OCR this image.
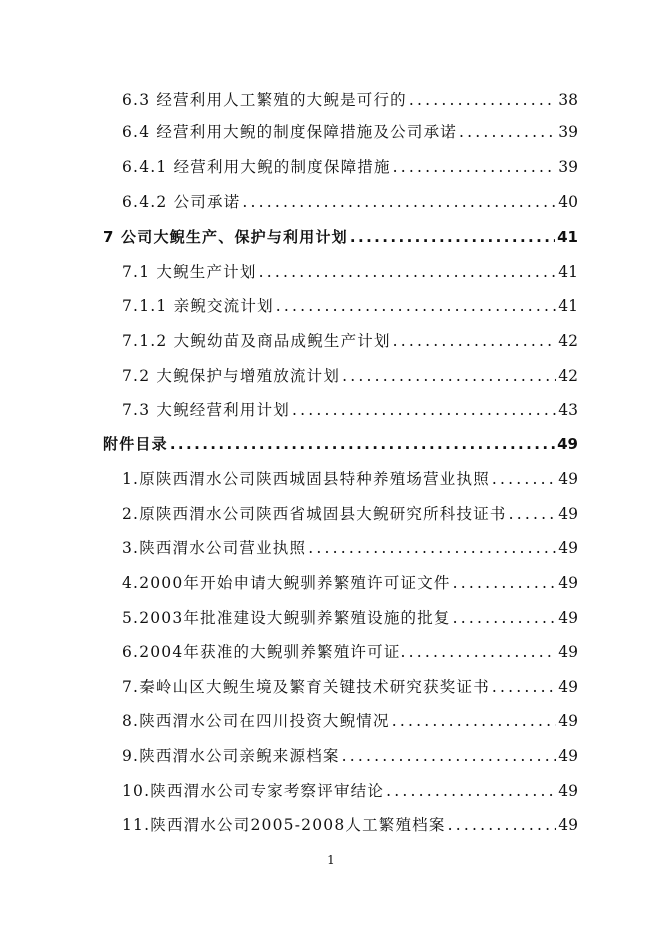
6.3 经营利用人工繁殖的大鲵是可行的 .....	38
6.4 经营利用大鲵的制度保障措施及公司承诺 .....	39
6.4.1 经营利用大鲵的制度保障措施 .....	39
6.4.2 公司承诺 .....	40
7 公司大鲵生产、保护与利用计划 .....	41
7.1 大鲵生产计划 .....	41
7.1.1 亲鲵交流计划 .....	41
7.1.2 大鲵幼苗及商品成鲵生产计划 .....	42
7.2 大鲵保护与增殖放流计划 .....	42
7.3 大鲵经营利用计划 .....	43
附件目录 .....	49
1.原陕西渭水公司陕西城固县特种养殖场营业执照 .....	49
2.原陕西渭水公司陕西省城固县大鲵研究所科技证书 .....	49
3.陕西渭水公司营业执照 .....	49
4.2000年开始申请大鲵驯养繁殖许可证文件 .....	49
5.2003年批准建设大鲵驯养繁殖设施的批复 .....	49
6.2004年获准的大鲵驯养繁殖许可证. .....	49
7.秦岭山区大鲵生境及繁育关键技术研究获奖证书 .....	49
8.陕西渭水公司在四川投资大鲵情况 .....	49
9.陕西渭水公司亲鲵来源档案 .....	49
10.陕西渭水公司专家考察评审结论 .....	49
11.陕西渭水公司2005-2008人工繁殖档案 .....	49
1
